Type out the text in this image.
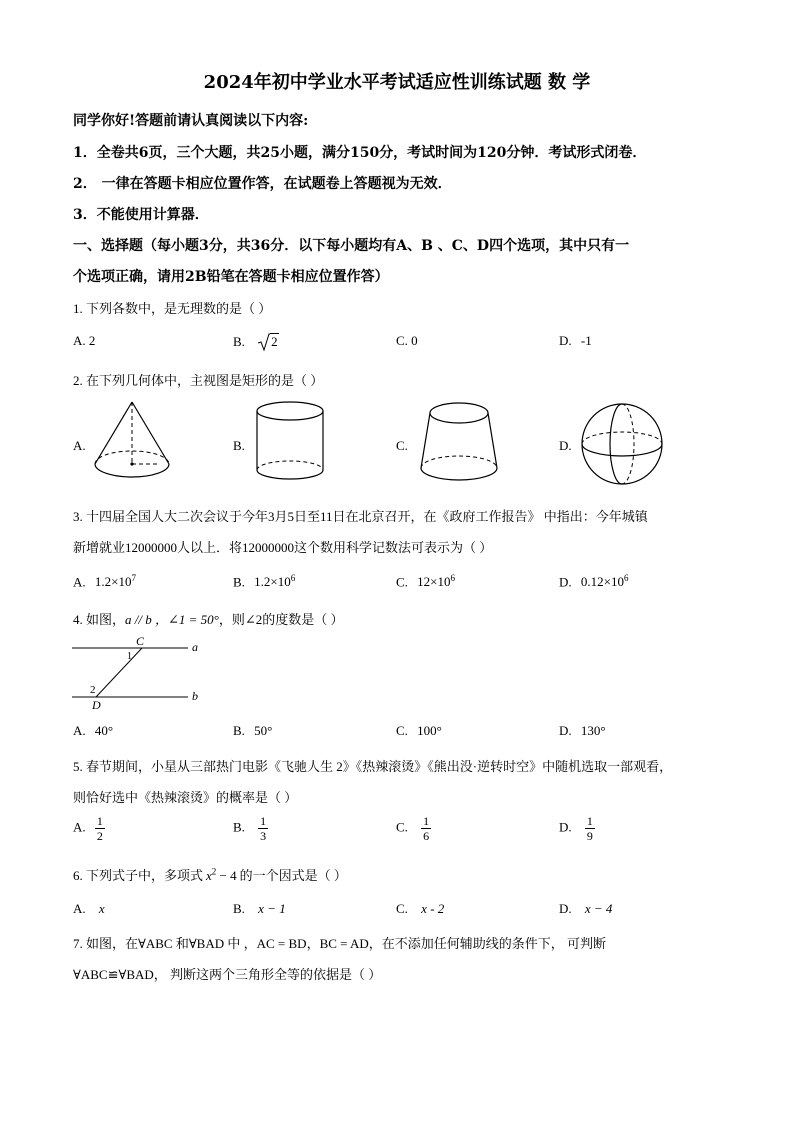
2024年初中学业水平考试适应性训练试题 数 学
同学你好!答题前请认真阅读以下内容:
1．全卷共6页，三个大题，共25小题，满分150分，考试时间为120分钟．考试形式闭卷．
2． 一律在答题卡相应位置作答，在试题卷上答题视为无效．
3．不能使用计算器．
一、选择题（每小题3分，共36分．以下每小题均有A、B 、C、D四个选项，其中只有一
个选项正确，请用2B铅笔在答题卡相应位置作答）
1. 下列各数中，是无理数的是（ ）
A. 2	B. 2	C. 0	D. -1
2. 在下列几何体中，主视图是矩形的是（ ）
A.	B.	C.	D.
3. 十四届全国人大二次会议于今年3月5日至11日在北京召开，在《政府工作报告》 中指出：今年城镇
新增就业12000000人以上．将12000000这个数用科学记数法可表示为（ ）
A. $1.2\times 10^7$	B. $1.2\times 10^6$	C. $12\times 10^6$	D. $0.12\times 10^6$
4. 如图，a // b ，∠1 = 50°，则∠2的度数是（ ）
C
1
a
2
D
b
A. 40°	B. 50°	C. 100°	D. 130°
5. 春节期间，小星从三部热门电影《飞驰人生 2》《热辣滚烫》《熊出没·逆转时空》中随机选取一部观看，
则恰好选中《热辣滚烫》的概率是（ ）
A. $\frac{1}{2}$	B. $\frac{1}{3}$	C. $\frac{1}{6}$	D. $\frac{1}{9}$
6. 下列式子中，多项式 $x^2 - 4$ 的一个因式是（ ）
A. x	B. x − 1	C. x - 2	D. x − 4
7. 如图，在∀ABC 和∀BAD 中 ，AC = BD，BC = AD，在不添加任何辅助线的条件下， 可判断
∀ABC≌∀BAD， 判断这两个三角形全等的依据是（ ）
